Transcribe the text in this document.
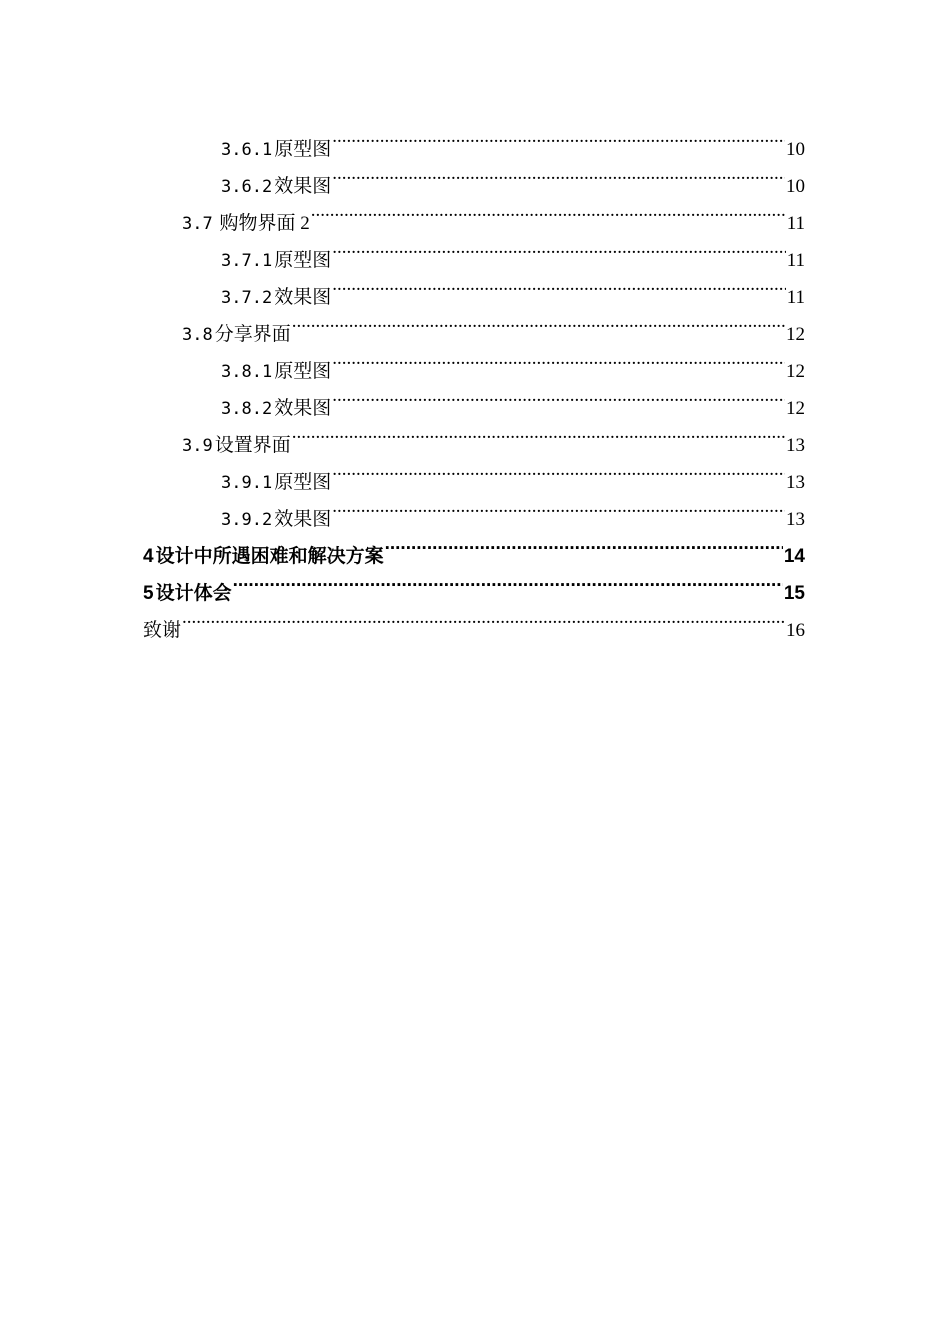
3.6.1 原型图 .....	10
3.6.2 效果图 .....	10
3.7 购物界面 2 .....	11
3.7.1 原型图 .....	11
3.7.2 效果图 .....	11
3.8 分享界面 .....	12
3.8.1 原型图 .....	12
3.8.2 效果图 .....	12
3.9 设置界面 .....	13
3.9.1 原型图 .....	13
3.9.2 效果图 .....	13
4 设计中所遇困难和解决方案 .....	14
5 设计体会 .....	15
致谢 .....	16
